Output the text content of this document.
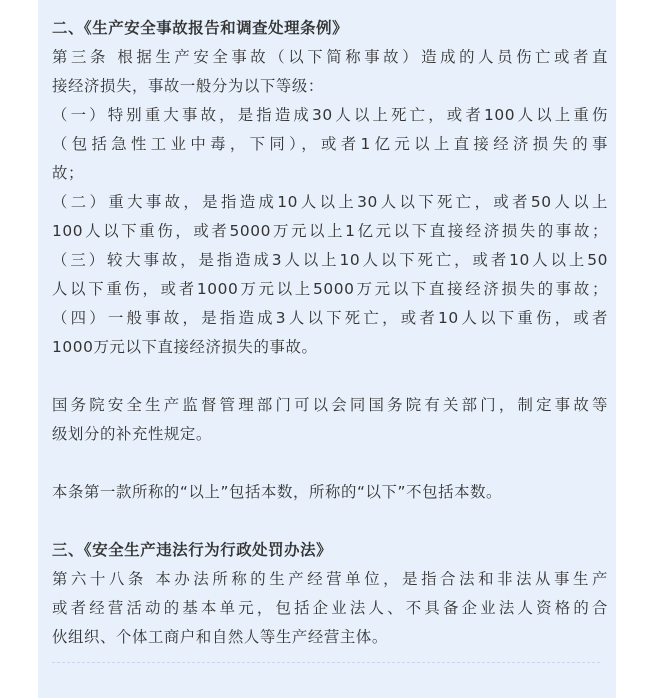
二、《生产安全事故报告和调查处理条例》
第三条 根据生产安全事故（以下简称事故）造成的人员伤亡或者直
接经济损失，事故一般分为以下等级：
（一）特别重大事故，是指造成30人以上死亡，或者100人以上重伤
（包括急性工业中毒，下同），或者1亿元以上直接经济损失的事
故；
（二）重大事故，是指造成10人以上30人以下死亡，或者50人以上
100人以下重伤，或者5000万元以上1亿元以下直接经济损失的事故；
（三）较大事故，是指造成3人以上10人以下死亡，或者10人以上50
人以下重伤，或者1000万元以上5000万元以下直接经济损失的事故；
（四）一般事故，是指造成3人以下死亡，或者10人以下重伤，或者
1000万元以下直接经济损失的事故。
国务院安全生产监督管理部门可以会同国务院有关部门，制定事故等
级划分的补充性规定。
本条第一款所称的“以上”包括本数，所称的“以下”不包括本数。
三、《安全生产违法行为行政处罚办法》
第六十八条 本办法所称的生产经营单位，是指合法和非法从事生产
或者经营活动的基本单元，包括企业法人、不具备企业法人资格的合
伙组织、个体工商户和自然人等生产经营主体。
